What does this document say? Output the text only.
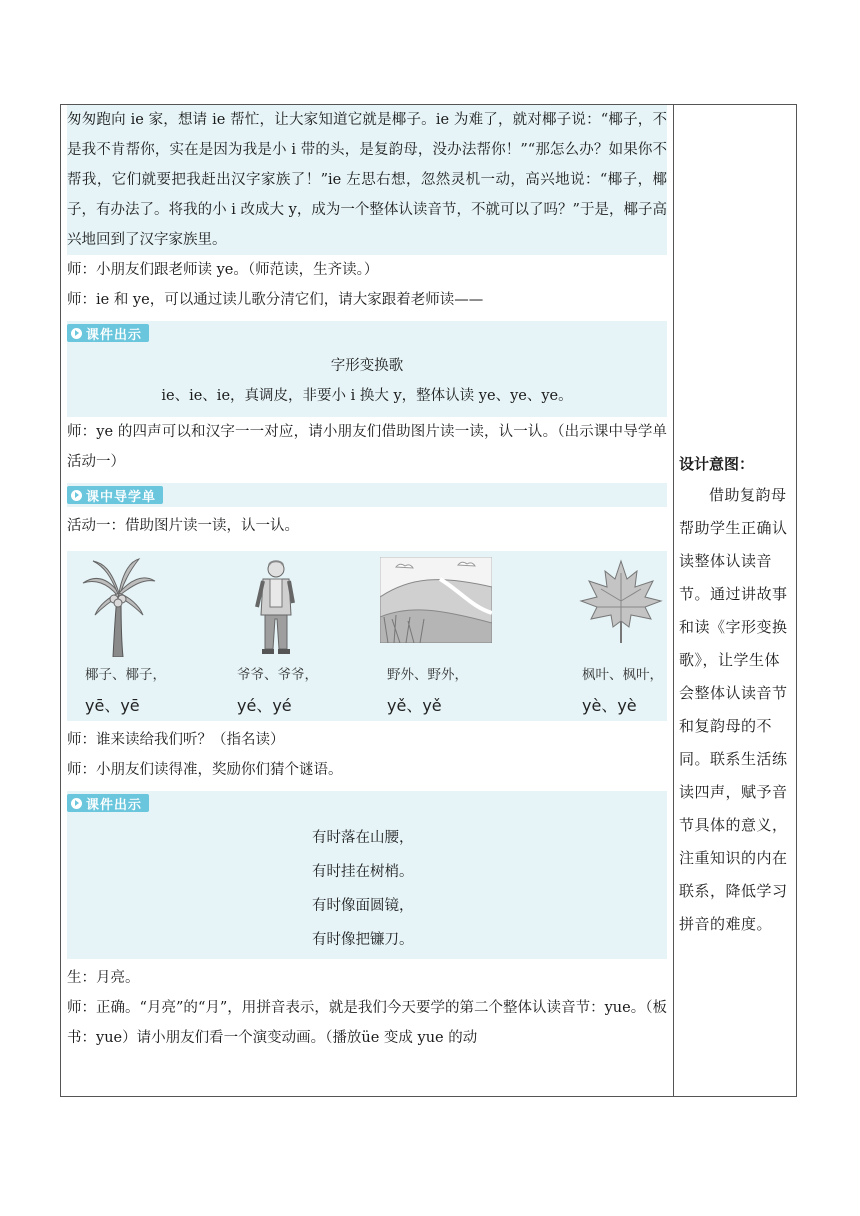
匆匆跑向 ie 家，想请 ie 帮忙，让大家知道它就是椰子。ie 为难了，就对椰子说：“椰子，不是我不肯帮你，实在是因为我是小 i 带的头，是复韵母，没办法帮你！”“那怎么办？如果你不帮我，它们就要把我赶出汉字家族了！”ie 左思右想，忽然灵机一动，高兴地说：“椰子，椰子，有办法了。将我的小 i 改成大 y，成为一个整体认读音节，不就可以了吗？”于是，椰子高兴地回到了汉字家族里。
师：小朋友们跟老师读 ye。（师范读，生齐读。）
师：ie 和 ye，可以通过读儿歌分清它们，请大家跟着老师读——
课件出示
字形变换歌
ie、ie、ie，真调皮，非要小 i 换大 y，整体认读 ye、ye、ye。
师：ye 的四声可以和汉字一一对应，请小朋友们借助图片读一读，认一认。（出示课中导学单活动一）
课中导学单
活动一：借助图片读一读，认一认。
椰子、椰子，	爷爷、爷爷，	野外、野外，	枫叶、枫叶，
yē、yē	yé、yé	yě、yě	yè、yè
师：谁来读给我们听？（指名读）
师：小朋友们读得准，奖励你们猜个谜语。
课件出示
有时落在山腰，
有时挂在树梢。
有时像面圆镜，
有时像把镰刀。
生：月亮。
师：正确。“月亮”的“月”，用拼音表示，就是我们今天要学的第二个整体认读音节：yue。（板书：yue）请小朋友们看一个演变动画。（播放üe 变成 yue 的动
设计意图：
借助复韵母帮助学生正确认读整体认读音节。通过讲故事和读《字形变换歌》，让学生体会整体认读音节和复韵母的不同。联系生活练读四声，赋予音节具体的意义，注重知识的内在联系，降低学习拼音的难度。
